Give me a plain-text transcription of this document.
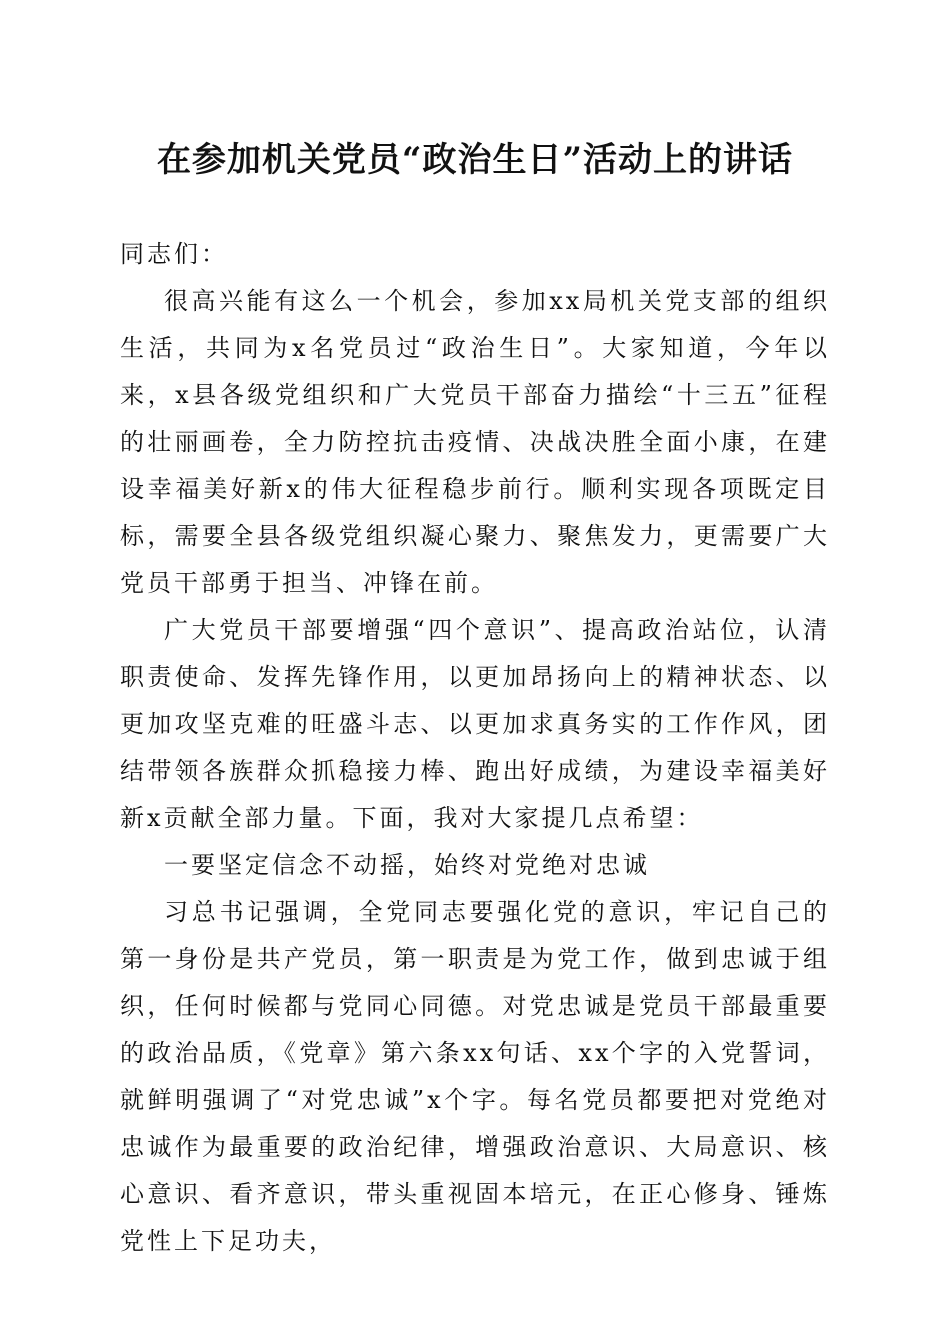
在参加机关党员“政治生日”活动上的讲话

同志们：

很高兴能有这么一个机会，参加xx局机关党支部的组织生活，共同为x名党员过“政治生日”。大家知道，今年以来，x县各级党组织和广大党员干部奋力描绘“十三五”征程的壮丽画卷，全力防控抗击疫情、决战决胜全面小康，在建设幸福美好新x的伟大征程稳步前行。顺利实现各项既定目标，需要全县各级党组织凝心聚力、聚焦发力，更需要广大党员干部勇于担当、冲锋在前。

广大党员干部要增强“四个意识”、提高政治站位，认清职责使命、发挥先锋作用，以更加昂扬向上的精神状态、以更加攻坚克难的旺盛斗志、以更加求真务实的工作作风，团结带领各族群众抓稳接力棒、跑出好成绩，为建设幸福美好新x贡献全部力量。下面，我对大家提几点希望：

一要坚定信念不动摇，始终对党绝对忠诚

习总书记强调，全党同志要强化党的意识，牢记自己的第一身份是共产党员，第一职责是为党工作，做到忠诚于组织，任何时候都与党同心同德。对党忠诚是党员干部最重要的政治品质，《党章》第六条xx句话、xx个字的入党誓词，就鲜明强调了“对党忠诚”x个字。每名党员都要把对党绝对忠诚作为最重要的政治纪律，增强政治意识、大局意识、核心意识、看齐意识，带头重视固本培元，在正心修身、锤炼党性上下足功夫，
